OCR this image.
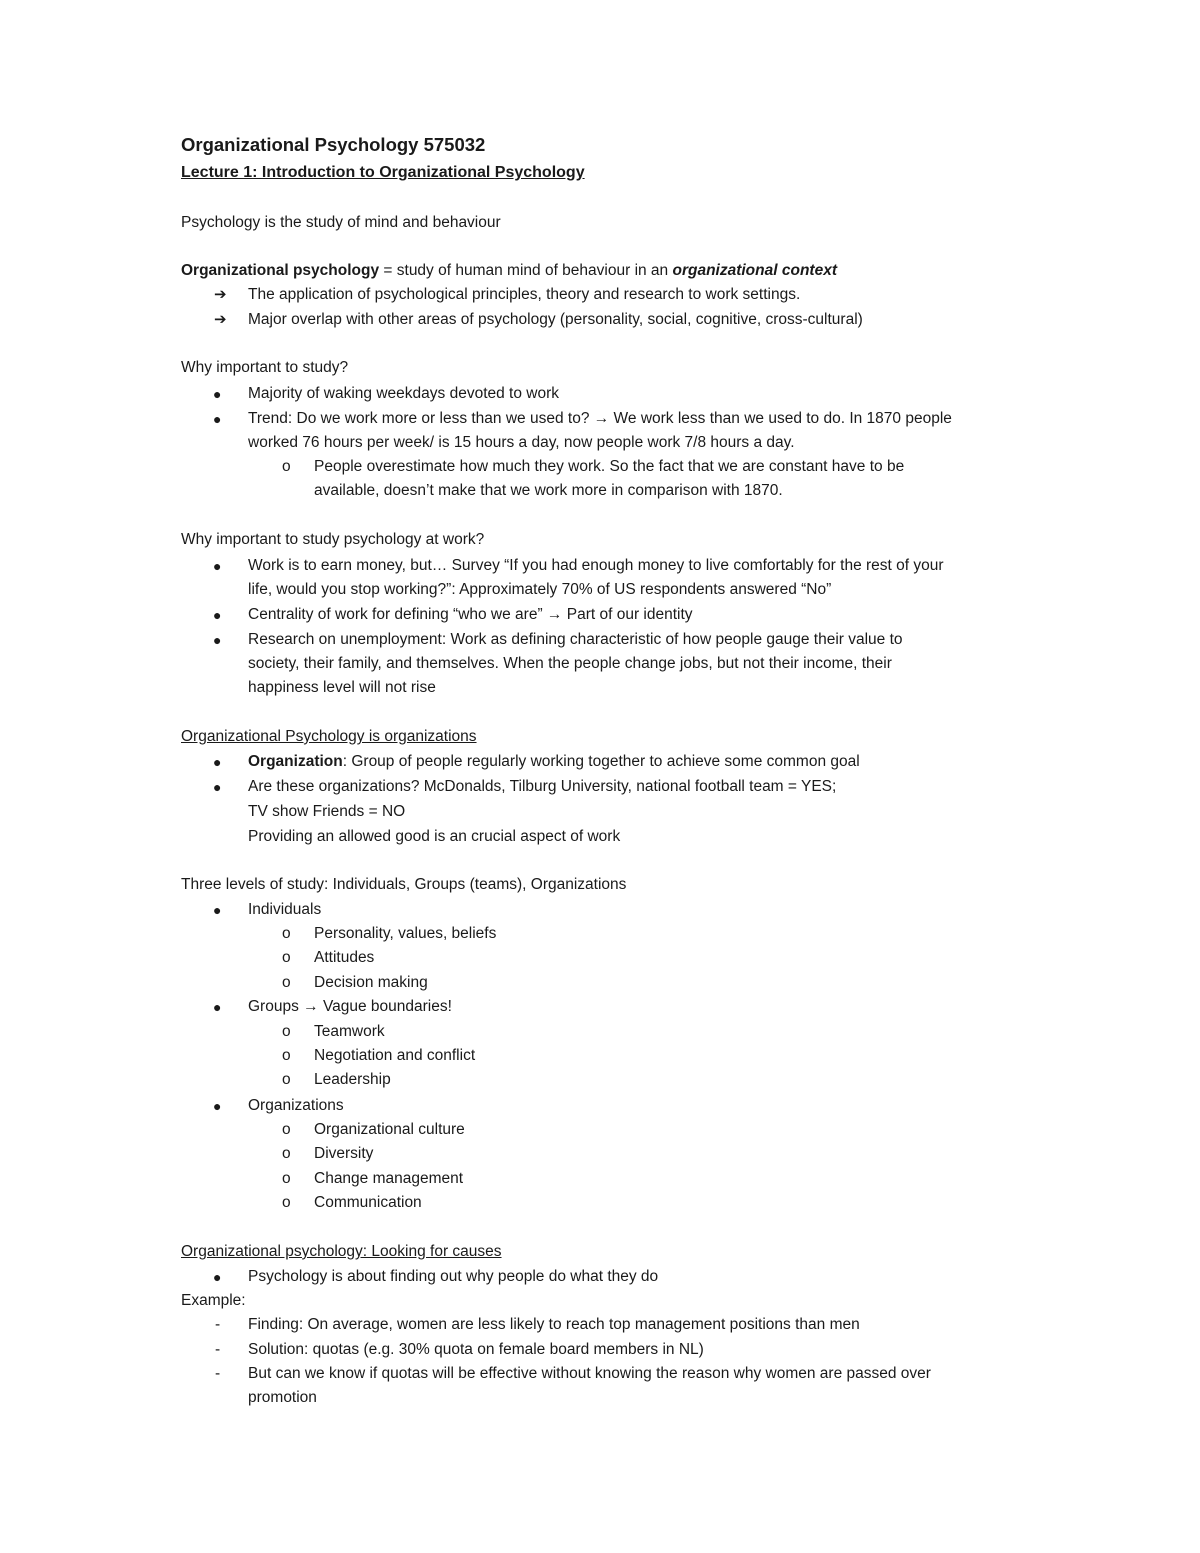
Organizational Psychology 575032
Lecture 1: Introduction to Organizational Psychology
Psychology is the study of mind and behaviour
Organizational psychology = study of human mind of behaviour in an organizational context
➔ The application of psychological principles, theory and research to work settings.
➔ Major overlap with other areas of psychology (personality, social, cognitive, cross-cultural)
Why important to study?
● Majority of waking weekdays devoted to work
● Trend: Do we work more or less than we used to? → We work less than we used to do. In 1870 people
worked 76 hours per week/ is 15 hours a day, now people work 7/8 hours a day.
o People overestimate how much they work. So the fact that we are constant have to be
available, doesn’t make that we work more in comparison with 1870.
Why important to study psychology at work?
● Work is to earn money, but… Survey “If you had enough money to live comfortably for the rest of your
life, would you stop working?”: Approximately 70% of US respondents answered “No”
● Centrality of work for defining “who we are” → Part of our identity
● Research on unemployment: Work as defining characteristic of how people gauge their value to
society, their family, and themselves. When the people change jobs, but not their income, their
happiness level will not rise
Organizational Psychology is organizations
● Organization: Group of people regularly working together to achieve some common goal
● Are these organizations? McDonalds, Tilburg University, national football team = YES;
TV show Friends = NO
Providing an allowed good is an crucial aspect of work
Three levels of study: Individuals, Groups (teams), Organizations
● Individuals
o Personality, values, beliefs
o Attitudes
o Decision making
● Groups → Vague boundaries!
o Teamwork
o Negotiation and conflict
o Leadership
● Organizations
o Organizational culture
o Diversity
o Change management
o Communication
Organizational psychology: Looking for causes
● Psychology is about finding out why people do what they do
Example:
- Finding: On average, women are less likely to reach top management positions than men
- Solution: quotas (e.g. 30% quota on female board members in NL)
- But can we know if quotas will be effective without knowing the reason why women are passed over
promotion
